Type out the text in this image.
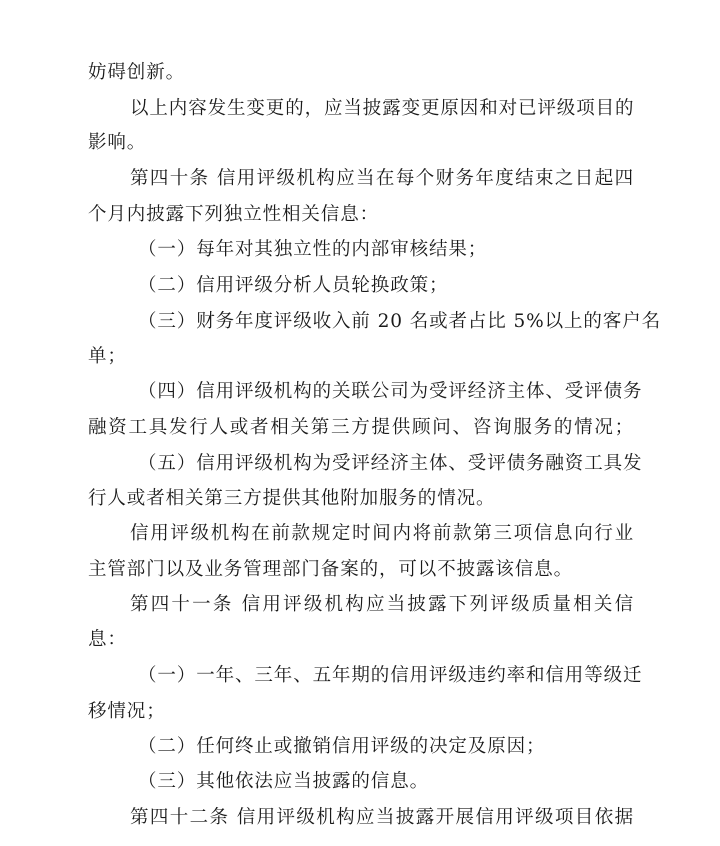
妨碍创新。
以上内容发生变更的，应当披露变更原因和对已评级项目的
影响。
第四十条 信用评级机构应当在每个财务年度结束之日起四
个月内披露下列独立性相关信息：
（一）每年对其独立性的内部审核结果；
（二）信用评级分析人员轮换政策；
（三）财务年度评级收入前 20 名或者占比 5%以上的客户名
单；
（四）信用评级机构的关联公司为受评经济主体、受评债务
融资工具发行人或者相关第三方提供顾问、咨询服务的情况；
（五）信用评级机构为受评经济主体、受评债务融资工具发
行人或者相关第三方提供其他附加服务的情况。
信用评级机构在前款规定时间内将前款第三项信息向行业
主管部门以及业务管理部门备案的，可以不披露该信息。
第四十一条 信用评级机构应当披露下列评级质量相关信
息：
（一）一年、三年、五年期的信用评级违约率和信用等级迁
移情况；
（二）任何终止或撤销信用评级的决定及原因；
（三）其他依法应当披露的信息。
第四十二条 信用评级机构应当披露开展信用评级项目依据
